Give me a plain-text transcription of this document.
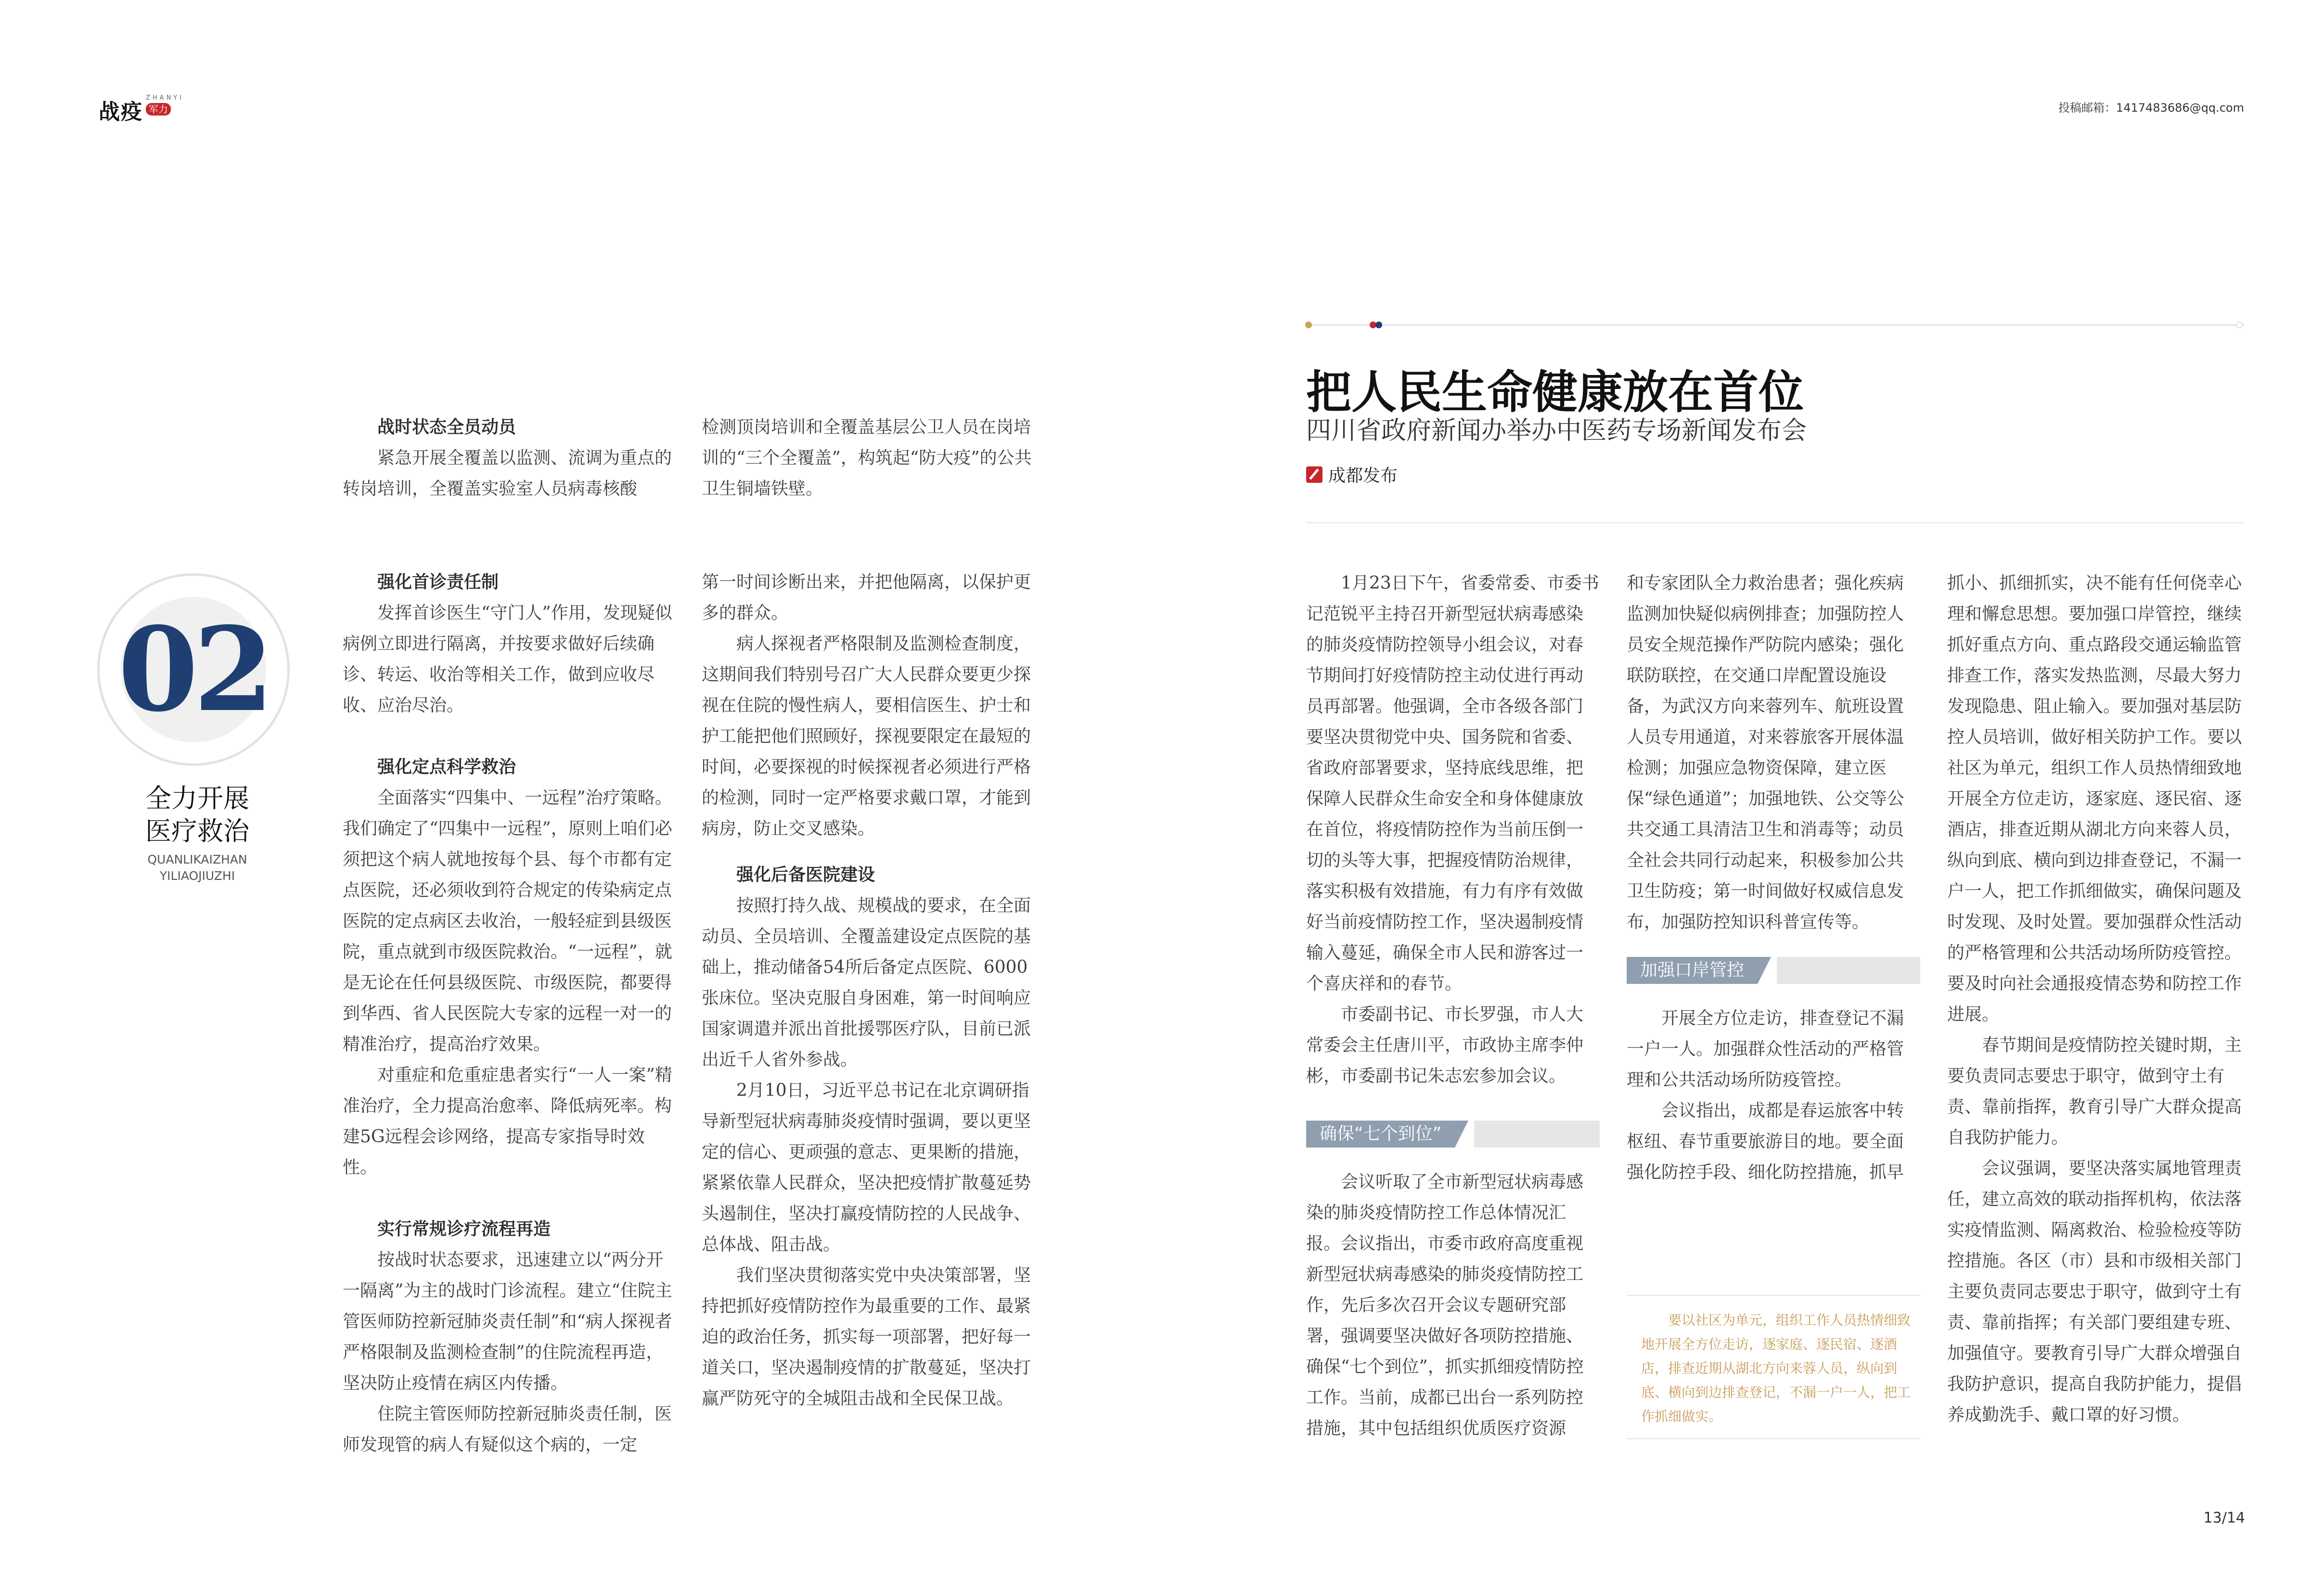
战疫
ZHANYI
军力	投稿邮箱：1417483686@qq.com
02
全力开展
医疗救治
QUANLIKAIZHAN
YILIAOJIUZHI

战时状态全员动员

紧急开展全覆盖以监测、流调为重点的转岗培训，全覆盖实验室人员病毒核酸

强化首诊责任制

发挥首诊医生“守门人”作用，发现疑似病例立即进行隔离，并按要求做好后续确诊、转运、收治等相关工作，做到应收尽收、应治尽治。

强化定点科学救治

全面落实“四集中、一远程”治疗策略。我们确定了“四集中一远程”，原则上咱们必须把这个病人就地按每个县、每个市都有定点医院，还必须收到符合规定的传染病定点医院的定点病区去收治，一般轻症到县级医院，重点就到市级医院救治。“一远程”，就是无论在任何县级医院、市级医院，都要得到华西、省人民医院大专家的远程一对一的精准治疗，提高治疗效果。

对重症和危重症患者实行“一人一案”精准治疗，全力提高治愈率、降低病死率。构建5G远程会诊网络，提高专家指导时效性。

实行常规诊疗流程再造

按战时状态要求，迅速建立以“两分开一隔离”为主的战时门诊流程。建立“住院主管医师防控新冠肺炎责任制”和“病人探视者严格限制及监测检查制”的住院流程再造，坚决防止疫情在病区内传播。

住院主管医师防控新冠肺炎责任制，医师发现管的病人有疑似这个病的，一定

检测顶岗培训和全覆盖基层公卫人员在岗培训的“三个全覆盖”，构筑起“防大疫”的公共卫生铜墙铁壁。

第一时间诊断出来，并把他隔离，以保护更多的群众。

病人探视者严格限制及监测检查制度，这期间我们特别号召广大人民群众要更少探视在住院的慢性病人，要相信医生、护士和护工能把他们照顾好，探视要限定在最短的时间，必要探视的时候探视者必须进行严格的检测，同时一定严格要求戴口罩，才能到病房，防止交叉感染。

强化后备医院建设

按照打持久战、规模战的要求，在全面动员、全员培训、全覆盖建设定点医院的基础上，推动储备54所后备定点医院、6000张床位。坚决克服自身困难，第一时间响应国家调遣并派出首批援鄂医疗队，目前已派出近千人省外参战。

2月10日，习近平总书记在北京调研指导新型冠状病毒肺炎疫情时强调，要以更坚定的信心、更顽强的意志、更果断的措施，紧紧依靠人民群众，坚决把疫情扩散蔓延势头遏制住，坚决打赢疫情防控的人民战争、总体战、阻击战。

我们坚决贯彻落实党中央决策部署，坚持把抓好疫情防控作为最重要的工作、最紧迫的政治任务，抓实每一项部署，把好每一道关口，坚决遏制疫情的扩散蔓延，坚决打赢严防死守的全城阻击战和全民保卫战。

把人民生命健康放在首位
四川省政府新闻办举办中医药专场新闻发布会
成都发布

1月23日下午，省委常委、市委书记范锐平主持召开新型冠状病毒感染的肺炎疫情防控领导小组会议，对春节期间打好疫情防控主动仗进行再动员再部署。他强调，全市各级各部门要坚决贯彻党中央、国务院和省委、省政府部署要求，坚持底线思维，把保障人民群众生命安全和身体健康放在首位，将疫情防控作为当前压倒一切的头等大事，把握疫情防治规律，落实积极有效措施，有力有序有效做好当前疫情防控工作，坚决遏制疫情输入蔓延，确保全市人民和游客过一个喜庆祥和的春节。

市委副书记、市长罗强，市人大常委会主任唐川平，市政协主席李仲彬，市委副书记朱志宏参加会议。

确保“七个到位”

会议听取了全市新型冠状病毒感染的肺炎疫情防控工作总体情况汇报。会议指出，市委市政府高度重视新型冠状病毒感染的肺炎疫情防控工作，先后多次召开会议专题研究部署，强调要坚决做好各项防控措施、确保“七个到位”，抓实抓细疫情防控工作。当前，成都已出台一系列防控措施，其中包括组织优质医疗资源

和专家团队全力救治患者；强化疾病监测加快疑似病例排查；加强防控人员安全规范操作严防院内感染；强化联防联控，在交通口岸配置设施设备，为武汉方向来蓉列车、航班设置人员专用通道，对来蓉旅客开展体温检测；加强应急物资保障，建立医保“绿色通道”；加强地铁、公交等公共交通工具清洁卫生和消毒等；动员全社会共同行动起来，积极参加公共卫生防疫；第一时间做好权威信息发布，加强防控知识科普宣传等。

加强口岸管控

开展全方位走访，排查登记不漏一户一人。加强群众性活动的严格管理和公共活动场所防疫管控。

会议指出，成都是春运旅客中转枢纽、春节重要旅游目的地。要全面强化防控手段、细化防控措施，抓早

要以社区为单元，组织工作人员热情细致地开展全方位走访，逐家庭、逐民宿、逐酒店，排查近期从湖北方向来蓉人员，纵向到底、横向到边排查登记，不漏一户一人，把工作抓细做实。

抓小、抓细抓实，决不能有任何侥幸心理和懈怠思想。要加强口岸管控，继续抓好重点方向、重点路段交通运输监管排查工作，落实发热监测，尽最大努力发现隐患、阻止输入。要加强对基层防控人员培训，做好相关防护工作。要以社区为单元，组织工作人员热情细致地开展全方位走访，逐家庭、逐民宿、逐酒店，排查近期从湖北方向来蓉人员，纵向到底、横向到边排查登记，不漏一户一人，把工作抓细做实，确保问题及时发现、及时处置。要加强群众性活动的严格管理和公共活动场所防疫管控。要及时向社会通报疫情态势和防控工作进展。

春节期间是疫情防控关键时期，主要负责同志要忠于职守，做到守土有责、靠前指挥，教育引导广大群众提高自我防护能力。

会议强调，要坚决落实属地管理责任，建立高效的联动指挥机构，依法落实疫情监测、隔离救治、检验检疫等防控措施。各区（市）县和市级相关部门主要负责同志要忠于职守，做到守土有责、靠前指挥；有关部门要组建专班、加强值守。要教育引导广大群众增强自我防护意识，提高自我防护能力，提倡养成勤洗手、戴口罩的好习惯。

13/14
